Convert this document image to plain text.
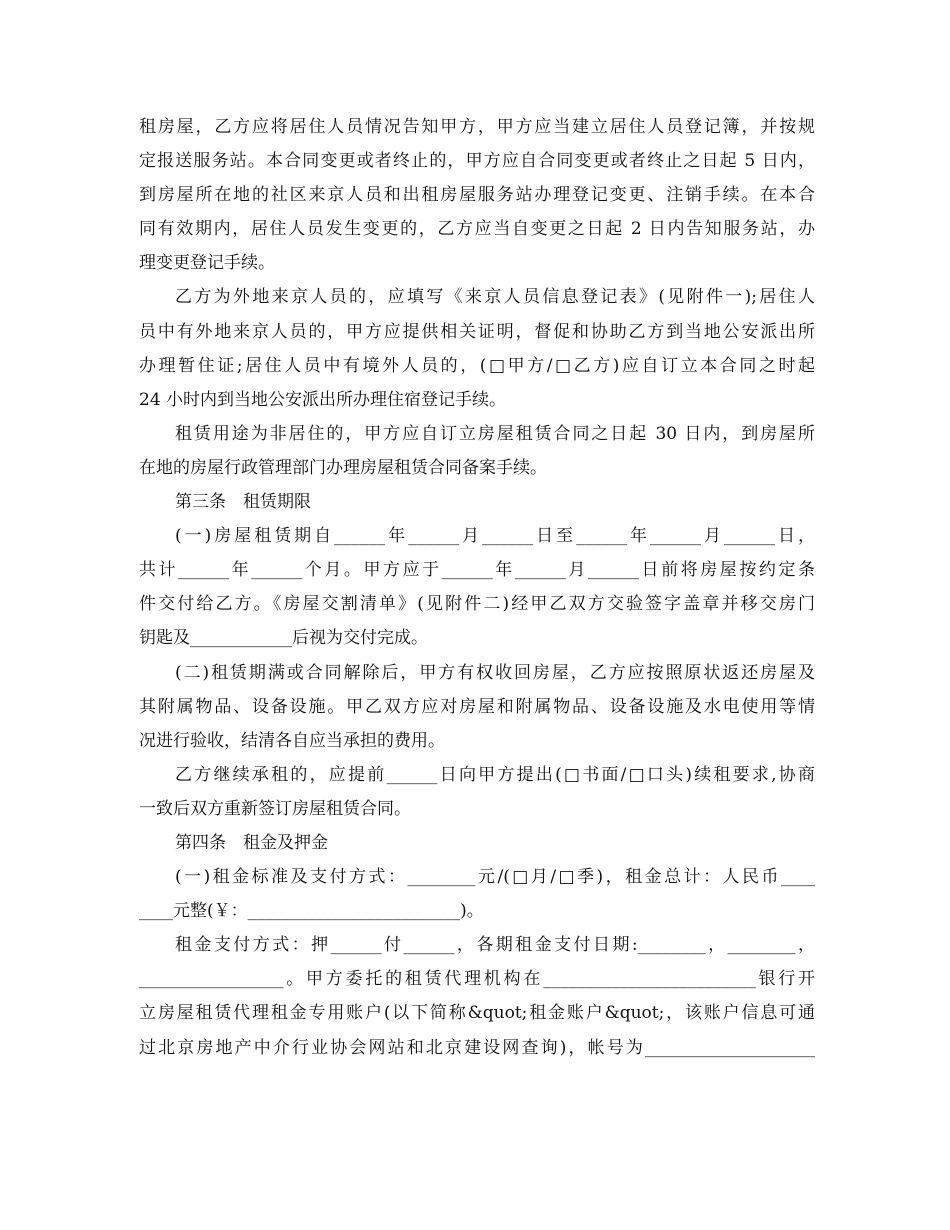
租房屋，乙方应将居住人员情况告知甲方，甲方应当建立居住人员登记簿，并按规
定报送服务站。本合同变更或者终止的，甲方应自合同变更或者终止之日起 5 日内，
到房屋所在地的社区来京人员和出租房屋服务站办理登记变更、注销手续。在本合
同有效期内，居住人员发生变更的，乙方应当自变更之日起 2 日内告知服务站，办
理变更登记手续。
乙方为外地来京人员的，应填写《来京人员信息登记表》(见附件一);居住人
员中有外地来京人员的，甲方应提供相关证明，督促和协助乙方到当地公安派出所
办理暂住证;居住人员中有境外人员的，(□甲方/□乙方)应自订立本合同之时起
24 小时内到当地公安派出所办理住宿登记手续。
租赁用途为非居住的，甲方应自订立房屋租赁合同之日起 30 日内，到房屋所
在地的房屋行政管理部门办理房屋租赁合同备案手续。
第三条　租赁期限
(一)房屋租赁期自______年______月______日至______年______月______日，
共计______年______个月。甲方应于______年______月______日前将房屋按约定条
件交付给乙方。《房屋交割清单》(见附件二)经甲乙双方交验签字盖章并移交房门
钥匙及____________后视为交付完成。
(二)租赁期满或合同解除后，甲方有权收回房屋，乙方应按照原状返还房屋及
其附属物品、设备设施。甲乙双方应对房屋和附属物品、设备设施及水电使用等情
况进行验收，结清各自应当承担的费用。
乙方继续承租的，应提前______日向甲方提出(□书面/□口头)续租要求,协商
一致后双方重新签订房屋租赁合同。
第四条　租金及押金
(一)租金标准及支付方式：________元/(□月/□季)，租金总计：人民币____
____元整(￥：_________________________)。
租金支付方式：押______付______，各期租金支付日期:________，________，
_________________。甲方委托的租赁代理机构在_________________________银行开
立房屋租赁代理租金专用账户(以下简称&quot;租金账户&quot;，该账户信息可通
过北京房地产中介行业协会网站和北京建设网查询)，帐号为____________________
